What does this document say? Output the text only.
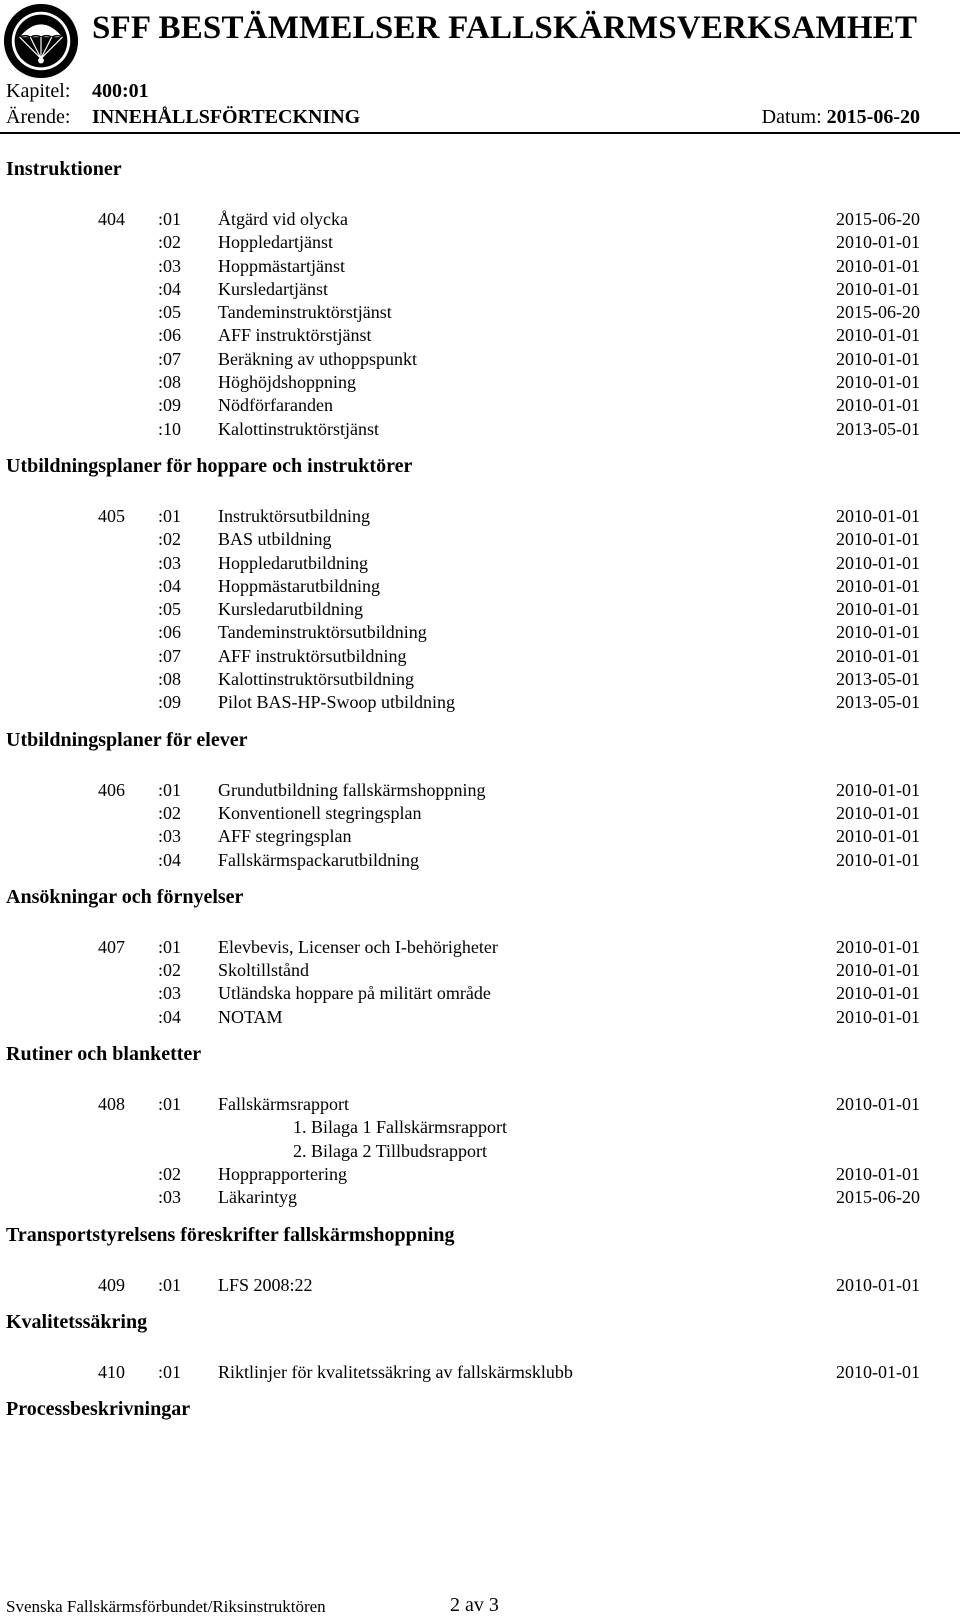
SFF BESTÄMMELSER FALLSKÄRMSVERKSAMHET
Kapitel: 400:01
Ärende: INNEHÅLLSFÖRTECKNING	Datum: 2015-06-20
Instruktioner
404 :01 Åtgärd vid olycka	2015-06-20
:02 Hoppledartjänst	2010-01-01
:03 Hoppmästartjänst	2010-01-01
:04 Kursledartjänst	2010-01-01
:05 Tandeminstruktörstjänst	2015-06-20
:06 AFF instruktörstjänst	2010-01-01
:07 Beräkning av uthoppspunkt	2010-01-01
:08 Höghöjdshoppning	2010-01-01
:09 Nödförfaranden	2010-01-01
:10 Kalottinstruktörstjänst	2013-05-01
Utbildningsplaner för hoppare och instruktörer
405 :01 Instruktörsutbildning	2010-01-01
:02 BAS utbildning	2010-01-01
:03 Hoppledarutbildning	2010-01-01
:04 Hoppmästarutbildning	2010-01-01
:05 Kursledarutbildning	2010-01-01
:06 Tandeminstruktörsutbildning	2010-01-01
:07 AFF instruktörsutbildning	2010-01-01
:08 Kalottinstruktörsutbildning	2013-05-01
:09 Pilot BAS-HP-Swoop utbildning	2013-05-01
Utbildningsplaner för elever
406 :01 Grundutbildning fallskärmshoppning	2010-01-01
:02 Konventionell stegringsplan	2010-01-01
:03 AFF stegringsplan	2010-01-01
:04 Fallskärmspackarutbildning	2010-01-01
Ansökningar och förnyelser
407 :01 Elevbevis, Licenser och I-behörigheter	2010-01-01
:02 Skoltillstånd	2010-01-01
:03 Utländska hoppare på militärt område	2010-01-01
:04 NOTAM	2010-01-01
Rutiner och blanketter
408 :01 Fallskärmsrapport	2010-01-01
1. Bilaga 1 Fallskärmsrapport
2. Bilaga 2 Tillbudsrapport
:02 Hopprapportering	2010-01-01
:03 Läkarintyg	2015-06-20
Transportstyrelsens föreskrifter fallskärmshoppning
409 :01 LFS 2008:22	2010-01-01
Kvalitetssäkring
410 :01 Riktlinjer för kvalitetssäkring av fallskärmsklubb	2010-01-01
Processbeskrivningar
Svenska Fallskärmsförbundet/Riksinstruktören	2 av 3
